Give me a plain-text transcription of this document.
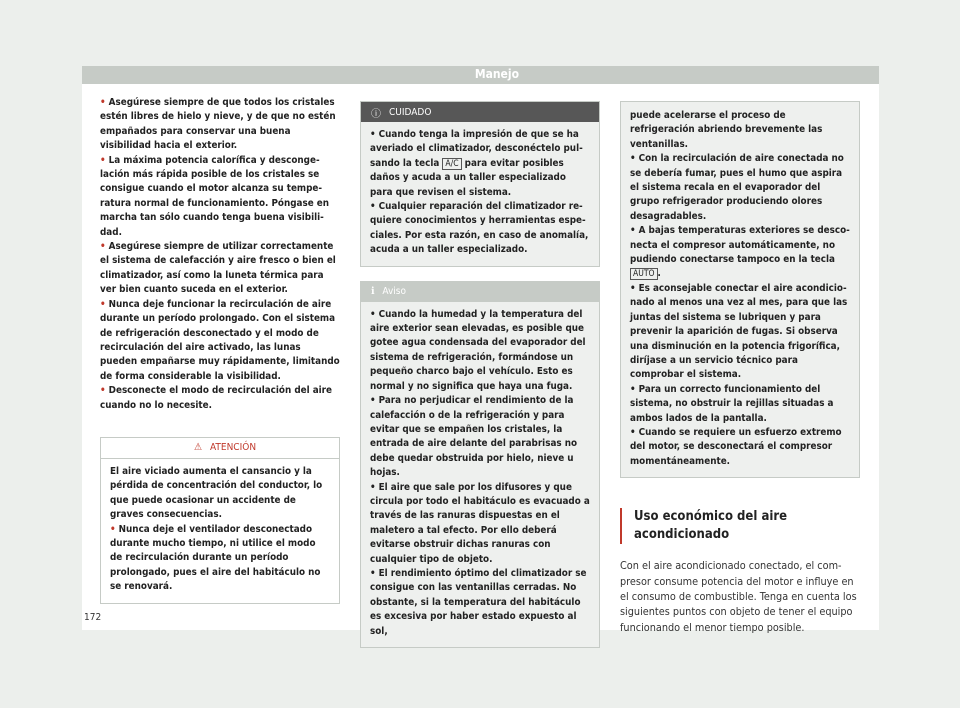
Manejo
• Asegúrese siempre de que todos los cristales estén libres de hielo y nieve, y de que no estén empañados para conservar una buena visibilidad hacia el exterior.
• La máxima potencia calorífica y descongelación más rápida posible de los cristales se consigue cuando el motor alcanza su temperatura normal de funcionamiento. Póngase en marcha tan sólo cuando tenga buena visibilidad.
• Asegúrese siempre de utilizar correctamente el sistema de calefacción y aire fresco o bien el climatizador, así como la luneta térmica para ver bien cuanto suceda en el exterior.
• Nunca deje funcionar la recirculación de aire durante un período prolongado. Con el sistema de refrigeración desconectado y el modo de recirculación del aire activado, las lunas pueden empañarse muy rápidamente, limitando de forma considerable la visibilidad.
• Desconecte el modo de recirculación del aire cuando no lo necesite.
⚠ ATENCIÓN

El aire viciado aumenta el cansancio y la pérdida de concentración del conductor, lo que puede ocasionar un accidente de graves consecuencias.

• Nunca deje el ventilador desconectado durante mucho tiempo, ni utilice el modo de recirculación durante un período prolongado, pues el aire del habitáculo no se renovará.
ⓘ CUIDADO
• Cuando tenga la impresión de que se ha averiado el climatizador, desconéctelo pulsando la tecla A/C para evitar posibles daños y acuda a un taller especializado para que revisen el sistema.
• Cualquier reparación del climatizador requiere conocimientos y herramientas especiales. Por esta razón, en caso de anomalía, acuda a un taller especializado.
ℹ Aviso
• Cuando la humedad y la temperatura del aire exterior sean elevadas, es posible que gotee agua condensada del evaporador del sistema de refrigeración, formándose un pequeño charco bajo el vehículo. Esto es normal y no significa que haya una fuga.
• Para no perjudicar el rendimiento de la calefacción o de la refrigeración y para evitar que se empañen los cristales, la entrada de aire delante del parabrisas no debe quedar obstruida por hielo, nieve u hojas.
• El aire que sale por los difusores y que circula por todo el habitáculo es evacuado a través de las ranuras dispuestas en el maletero a tal efecto. Por ello deberá evitarse obstruir dichas ranuras con cualquier tipo de objeto.
• El rendimiento óptimo del climatizador se consigue con las ventanillas cerradas. No obstante, si la temperatura del habitáculo es excesiva por haber estado expuesto al sol,

puede acelerarse el proceso de refrigeración abriendo brevemente las ventanillas.

• Con la recirculación de aire conectada no se debería fumar, pues el humo que aspira el sistema recala en el evaporador del grupo refrigerador produciendo olores desagradables.
• A bajas temperaturas exteriores se desconecta el compresor automáticamente, no pudiendo conectarse tampoco en la tecla AUTO .
• Es aconsejable conectar el aire acondicionado al menos una vez al mes, para que las juntas del sistema se lubriquen y para prevenir la aparición de fugas. Si observa una disminución en la potencia frigorífica, diríjase a un servicio técnico para comprobar el sistema.
• Para un correcto funcionamiento del sistema, no obstruir la rejillas situadas a ambos lados de la pantalla.
• Cuando se requiere un esfuerzo extremo del motor, se desconectará el compresor momentáneamente.
Uso económico del aire acondicionado

Con el aire acondicionado conectado, el compresor consume potencia del motor e influye en el consumo de combustible. Tenga en cuenta los siguientes puntos con objeto de tener el equipo funcionando el menor tiempo posible.

172
